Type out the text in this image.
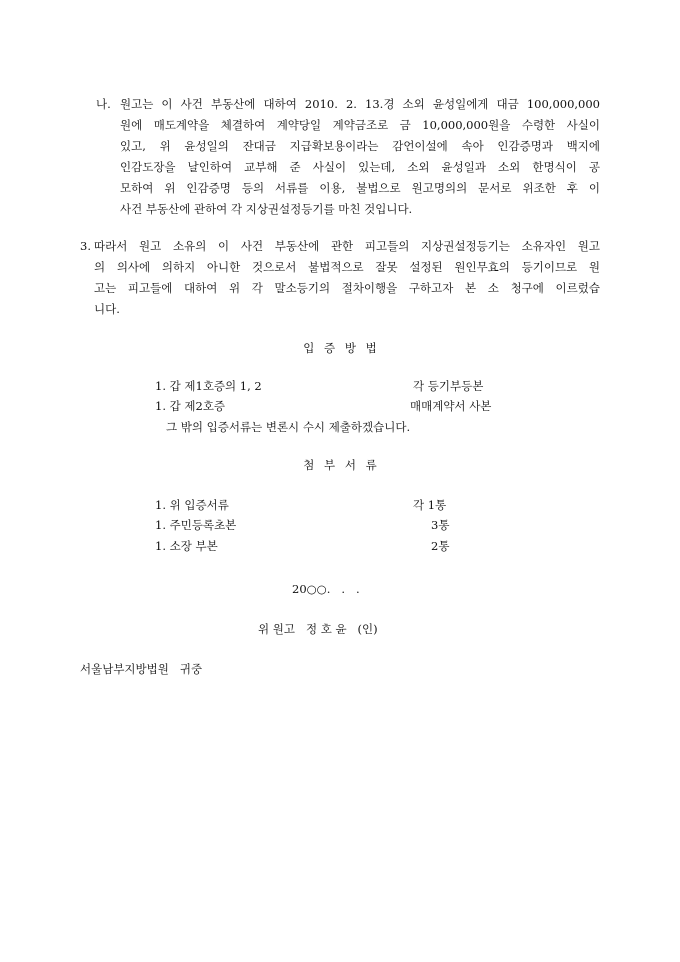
나. 원고는 이 사건 부동산에 대하여 2010. 2. 13.경 소외 윤성일에게 대금 100,000,000
원에 매도계약을 체결하여 계약당일 계약금조로 금 10,000,000원을 수령한 사실이
있고, 위 윤성일의 잔대금 지급확보용이라는 감언이설에 속아 인감증명과 백지에
인감도장을 날인하여 교부해 준 사실이 있는데, 소외 윤성일과 소외 한명식이 공
모하여 위 인감증명 등의 서류를 이용, 불법으로 원고명의의 문서로 위조한 후 이
사건 부동산에 관하여 각 지상권설정등기를 마친 것입니다.
3. 따라서 원고 소유의 이 사건 부동산에 관한 피고들의 지상권설정등기는 소유자인 원고
의 의사에 의하지 아니한 것으로서 불법적으로 잘못 설정된 원인무효의 등기이므로 원
고는 피고들에 대하여 위 각 말소등기의 절차이행을 구하고자 본 소 청구에 이르렀습
니다.
입 증 방 법
1. 갑 제1호증의 1, 2	각 등기부등본
1. 갑 제2호증	매매계약서 사본
그 밖의 입증서류는 변론시 수시 제출하겠습니다.
첨 부 서 류
1. 위 입증서류	각 1통
1. 주민등록초본	3통
1. 소장 부본	2통
20○○.   .   .
위 원고   정 호 윤   (인)
서울남부지방법원   귀중
